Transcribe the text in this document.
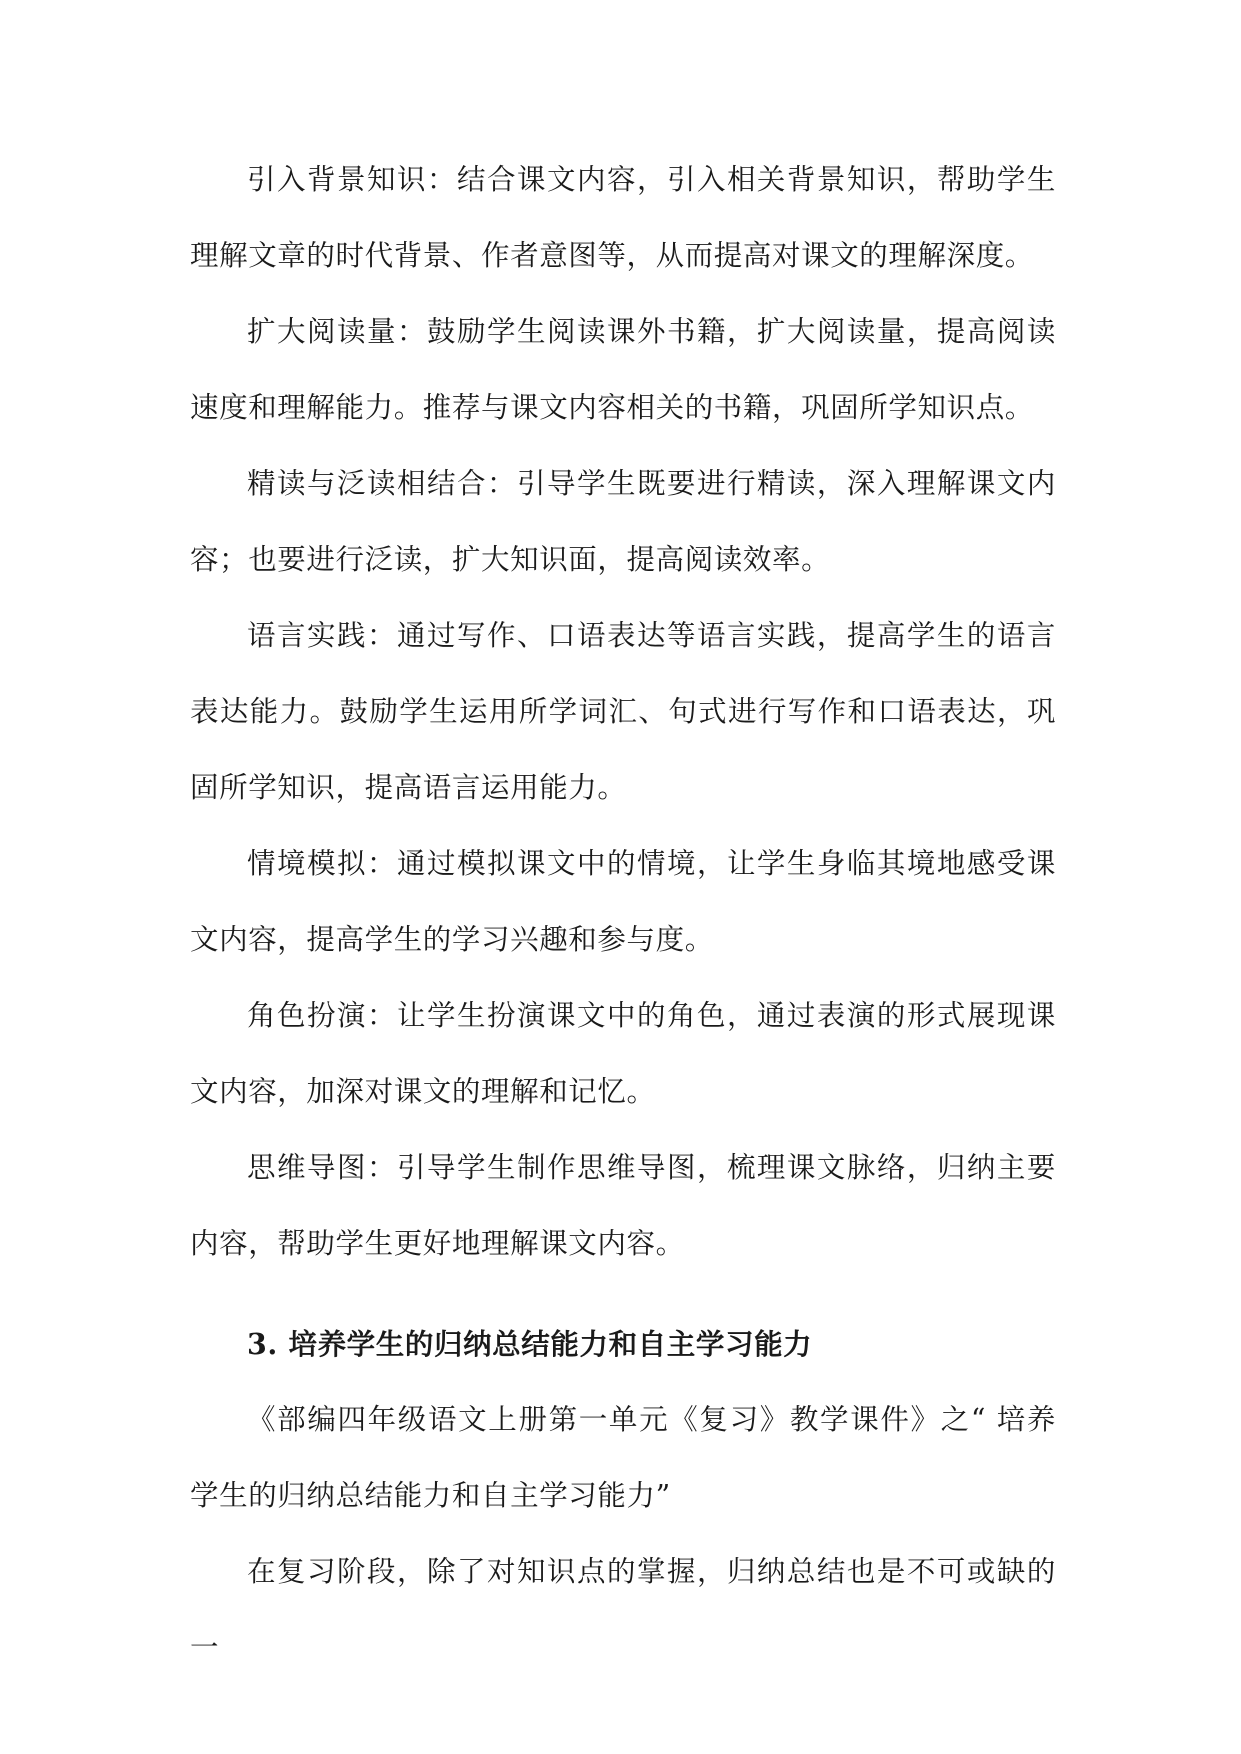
引入背景知识：结合课文内容，引入相关背景知识，帮助学生理解文章的时代背景、作者意图等，从而提高对课文的理解深度。

扩大阅读量：鼓励学生阅读课外书籍，扩大阅读量，提高阅读速度和理解能力。推荐与课文内容相关的书籍，巩固所学知识点。

精读与泛读相结合：引导学生既要进行精读，深入理解课文内容；也要进行泛读，扩大知识面，提高阅读效率。

语言实践：通过写作、口语表达等语言实践，提高学生的语言表达能力。鼓励学生运用所学词汇、句式进行写作和口语表达，巩固所学知识，提高语言运用能力。

情境模拟：通过模拟课文中的情境，让学生身临其境地感受课文内容，提高学生的学习兴趣和参与度。

角色扮演：让学生扮演课文中的角色，通过表演的形式展现课文内容，加深对课文的理解和记忆。

思维导图：引导学生制作思维导图，梳理课文脉络，归纳主要内容，帮助学生更好地理解课文内容。

3. 培养学生的归纳总结能力和自主学习能力

《部编四年级语文上册第一单元《复习》教学课件》之“ 培养学生的归纳总结能力和自主学习能力”

在复习阶段，除了对知识点的掌握，归纳总结也是不可或缺的一
